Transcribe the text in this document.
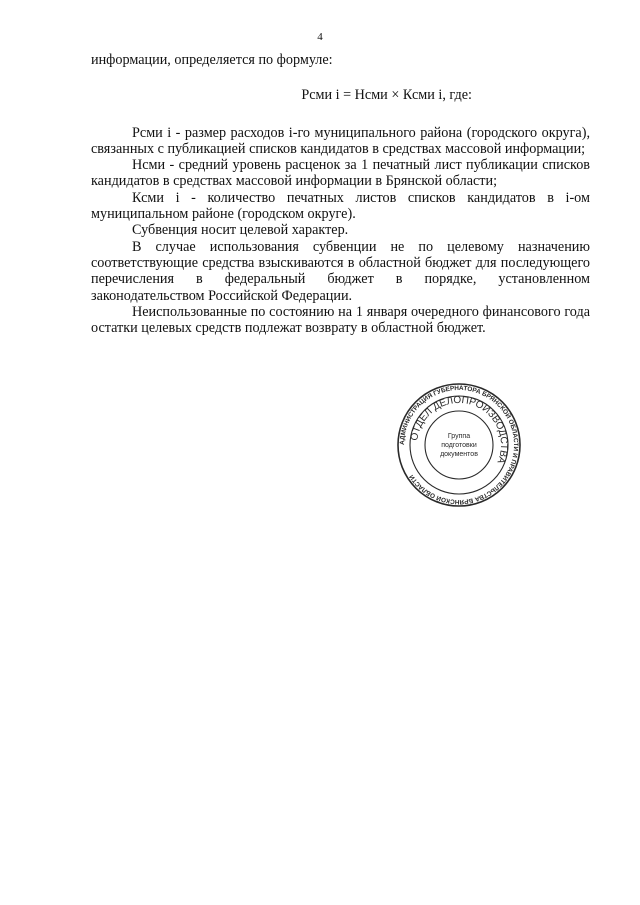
4

информации, определяется по формуле:

Рсми i = Нсми × Ксми i, где:

Рсми i - размер расходов i-го муниципального района (городского округа), связанных с публикацией списков кандидатов в средствах массовой информации;

Нсми - средний уровень расценок за 1 печатный лист публикации списков кандидатов в средствах массовой информации в Брянской области;

Ксми i - количество печатных листов списков кандидатов в i-ом муниципальном районе (городском округе).

Субвенция носит целевой характер.

В случае использования субвенции не по целевому назначению соответствующие средства взыскиваются в областной бюджет для последующего перечисления в федеральный бюджет в порядке, установленном законодательством Российской Федерации.

Неиспользованные по состоянию на 1 января очередного финансового года остатки целевых средств подлежат возврату в областной бюджет.

АДМИНИСТРАЦИЯ ГУБЕРНАТОРА БРЯНСКОЙ ОБЛАСТИ И ПРАВИТЕЛЬСТВА БРЯНСКОЙ ОБЛАСТИ
ОТДЕЛ ДЕЛОПРОИЗВОДСТВА
Группа
подготовки
документов
